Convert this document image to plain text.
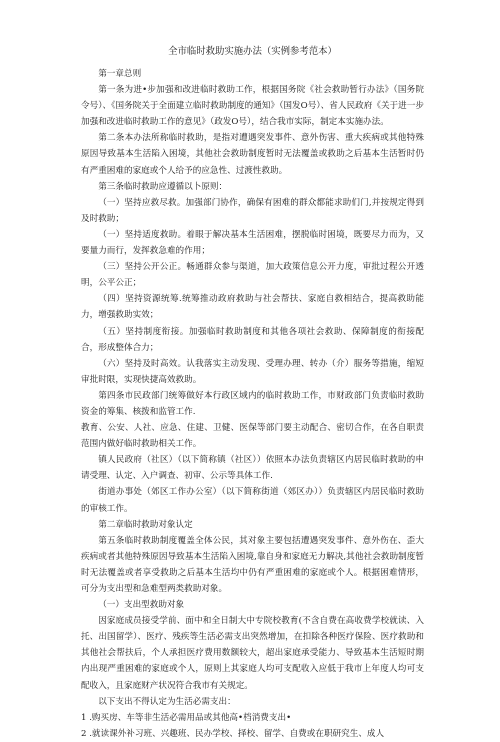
全市临时救助实施办法（实例参考范本）

第一章总则

第一条为进•步加强和改进临时救助工作，根据国务院《社会救助暂行办法》（国务院令号）、《国务院关于全面建立临时救助制度的通知》（国发O号）、省人民政府《关于进一步加强和改进临时救助工作的意见》（政发O号），结合我市实际，制定本实施办法。

第二条本办法所称临时救助，是指对遭遇突发事件、意外伤害、重大疾病或其他特殊原因导致基本生活陷入困境，其他社会救助制度暂时无法覆盖或救助之后基本生活暂时仍有严重困难的家庭或个人给予的应急性、过渡性救助。

第三条临时救助应遵循以卜原则：

（一）坚持应救尽救。加强部门协作，确保有困难的群众都能求助们门,并按规定得到及时救助；

（一）坚持适度救助。着眼于解决基本生活困难，摆脱临时困境，既要尽力而为，又要量力而行，发挥救急难的作用；

（三）坚持公开公正。畅通群众参与渠道，加大政策信息公开力度，审批过程公开透明，公平公正；

（四）坚持资源统筹.统筹推动政府救助与社会帮扶、家庭自救相结合，提高救助能力，增强救助实效；

（五）坚持制度衔接。加强临时救助制度和其他各项社会救助、保障制度的衔接配合，形成整体合力；

（六）坚持及时高效。认我落实主动发现、受理办理、转办（介）服务等措施，缩短审批时限，实现快捷高效救助。

第四条市民政部门统筹做好本行政区域内的临时救助工作，市财政部门负责临时救助资金的筹集、核拨和监管工作.

教育、公安、人社、应急、住建、卫健、医保等部门要主动配合、密切合作，在各自职责范围内做好临时救助相关工作。

镇人民政府（社区）（以下简称镇（社区））依照本办法负责辖区内居民临时救助的申请受理、认定、入户调查、初审、公示等具体工作.

街道办事处（郊区工作办公室）（以下简称街道（郊区办））负责辖区内居民临时救助的审核工作。

第二章临时救助对象认定

第五条临时救助制度覆盖全体公民，其对象主要包括遭遇突发事件、意外伤在、歪大疾病或者其他特殊原因导致基本生活陷入困境,靠自身和家庭无力解决,其他社会救助制度暂时无法覆盖或者享受救助之后基本生活均中仍有严重困难的家庭或个人。根据困难情形，可分为支出型和急难型两类救助对象。

（一）支出型救助对象

因家庭成员接受学前、面中和全日制大中专院校教育(不含自费在高收费学校就读、入托、出国留学）、医疗、残疾等生活必需支出突然增加，在扣除各种医疗保险、医疗救助和其他社会帮扶后，个人承担医疗费用数额较大，超出家庭承受能力、导致基本生活短时期内出现严重困难的家庭或个人，原则上其家庭人均可支配收入应低于我市上年度人均可支配收入，且家庭财产状况符合我市有关规定。

以下支出不得认定为生活必需支出：

1 .购买房、车等非生活必需用品或其他高•档消费支出•

2 .就读课外补习班、兴趣班、民办学校、择校、留学、自费或在职研究生、成人
